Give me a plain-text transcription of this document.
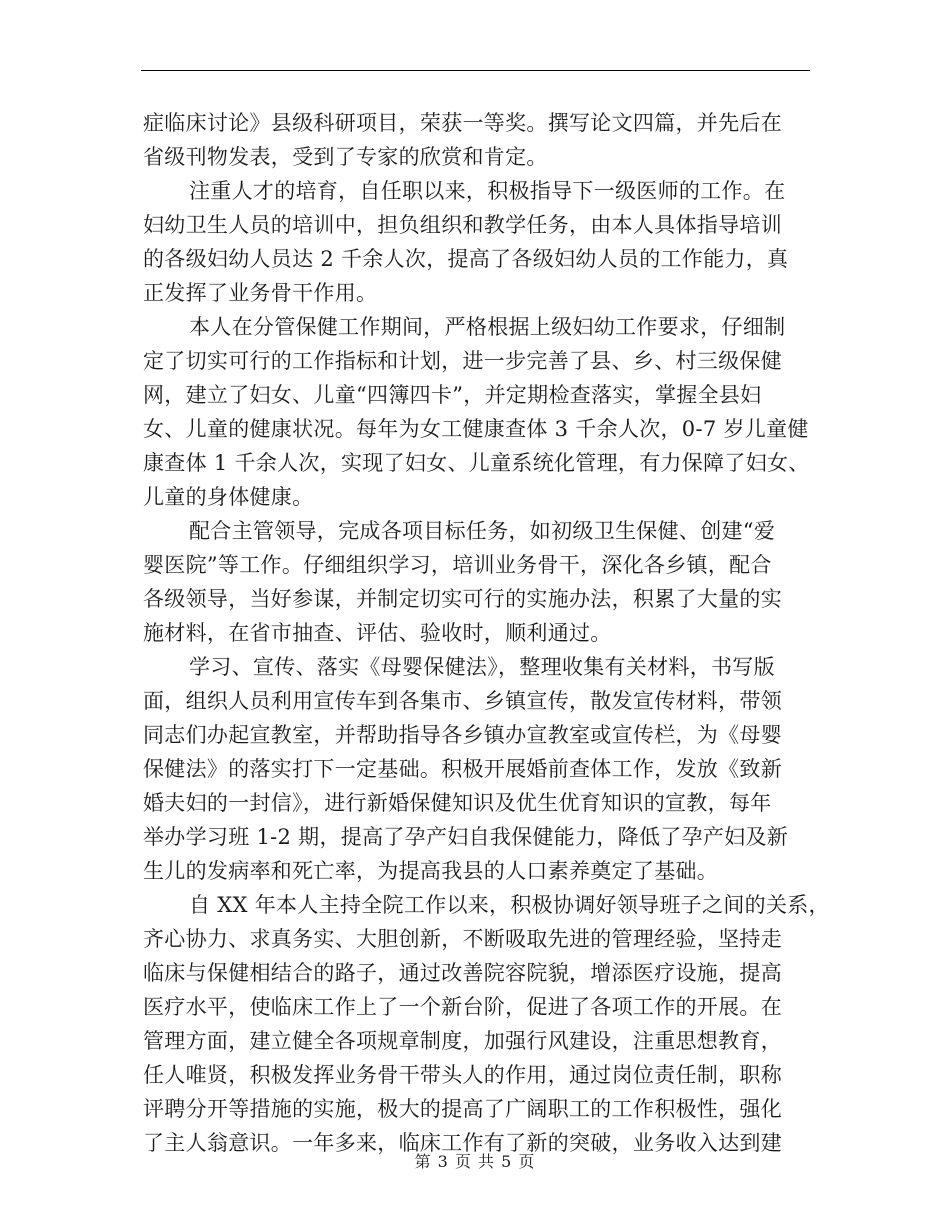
症临床讨论》县级科研项目，荣获一等奖。撰写论文四篇，并先后在
省级刊物发表，受到了专家的欣赏和肯定。
注重人才的培育，自任职以来，积极指导下一级医师的工作。在
妇幼卫生人员的培训中，担负组织和教学任务，由本人具体指导培训
的各级妇幼人员达 2 千余人次，提高了各级妇幼人员的工作能力，真
正发挥了业务骨干作用。
本人在分管保健工作期间，严格根据上级妇幼工作要求，仔细制
定了切实可行的工作指标和计划，进一步完善了县、乡、村三级保健
网，建立了妇女、儿童“四簿四卡”，并定期检查落实，掌握全县妇
女、儿童的健康状况。每年为女工健康查体 3 千余人次，0-7 岁儿童健
康查体 1 千余人次，实现了妇女、儿童系统化管理，有力保障了妇女、
儿童的身体健康。
配合主管领导，完成各项目标任务，如初级卫生保健、创建“爱
婴医院”等工作。仔细组织学习，培训业务骨干，深化各乡镇，配合
各级领导，当好参谋，并制定切实可行的实施办法，积累了大量的实
施材料，在省市抽查、评估、验收时，顺利通过。
学习、宣传、落实《母婴保健法》，整理收集有关材料，书写版
面，组织人员利用宣传车到各集市、乡镇宣传，散发宣传材料，带领
同志们办起宣教室，并帮助指导各乡镇办宣教室或宣传栏，为《母婴
保健法》的落实打下一定基础。积极开展婚前查体工作，发放《致新
婚夫妇的一封信》，进行新婚保健知识及优生优育知识的宣教，每年
举办学习班 1-2 期，提高了孕产妇自我保健能力，降低了孕产妇及新
生儿的发病率和死亡率，为提高我县的人口素养奠定了基础。
自 XX 年本人主持全院工作以来，积极协调好领导班子之间的关系，
齐心协力、求真务实、大胆创新，不断吸取先进的管理经验，坚持走
临床与保健相结合的路子，通过改善院容院貌，增添医疗设施，提高
医疗水平，使临床工作上了一个新台阶，促进了各项工作的开展。在
管理方面，建立健全各项规章制度，加强行风建设，注重思想教育，
任人唯贤，积极发挥业务骨干带头人的作用，通过岗位责任制，职称
评聘分开等措施的实施，极大的提高了广阔职工的工作积极性，强化
了主人翁意识。一年多来，临床工作有了新的突破，业务收入达到建
第 3 页 共 5 页
